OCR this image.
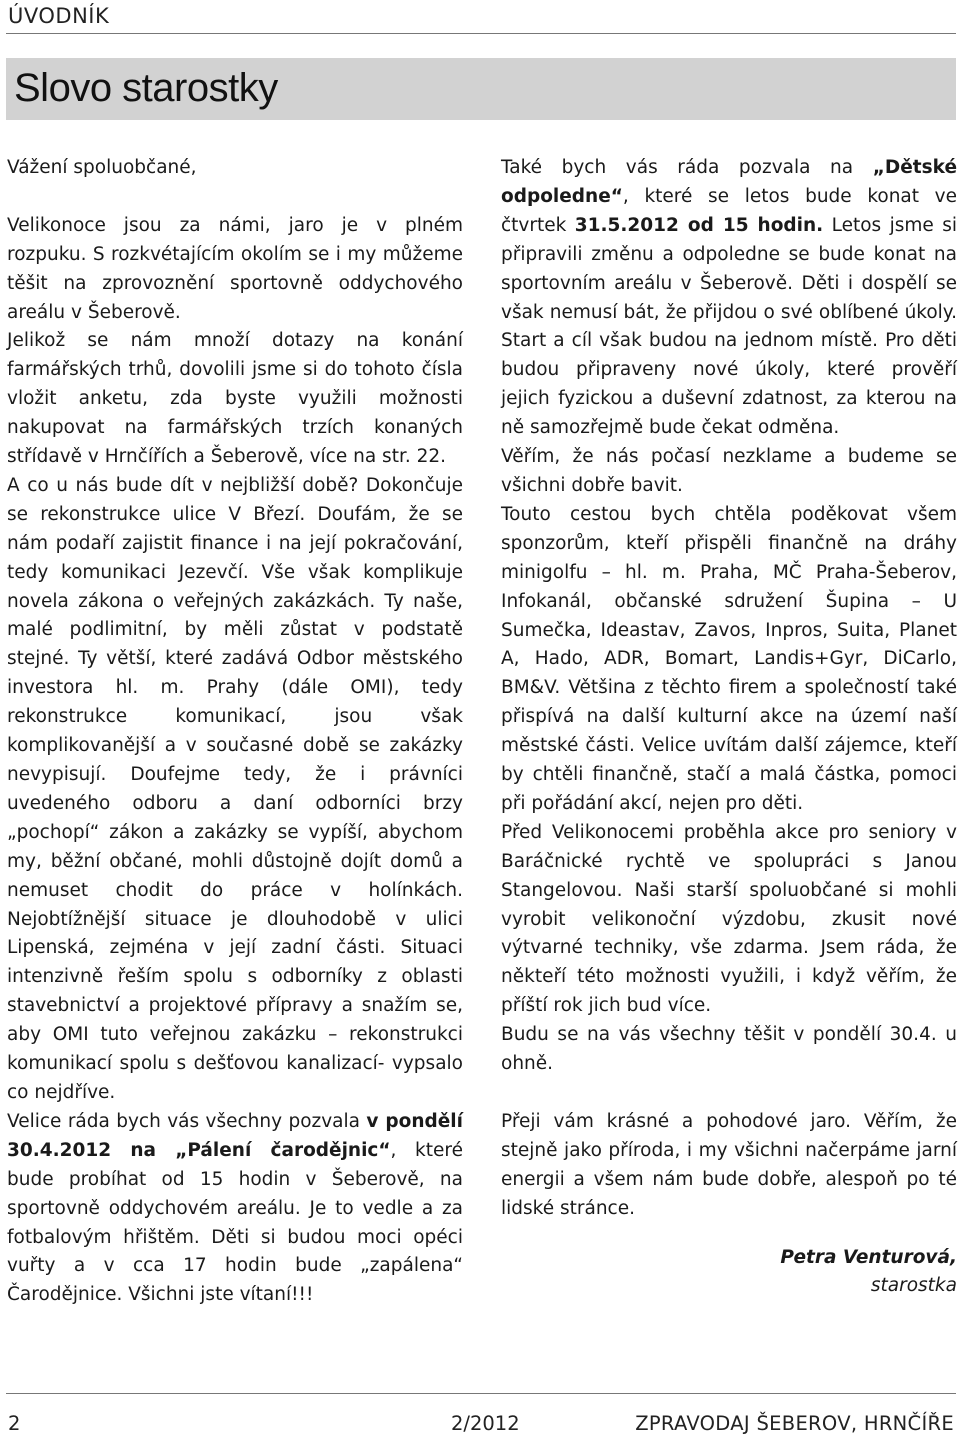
ÚVODNÍK
Slovo starostky

Vážení spoluobčané,

Velikonoce jsou za námi, jaro je v plném rozpuku. S rozkvétajícím okolím se i my můžeme těšit na zprovoznění sportovně oddychového areálu v Šeberově.

Jelikož se nám množí dotazy na konání farmářských trhů, dovolili jsme si do tohoto čísla vložit anketu, zda byste využili možnosti nakupovat na farmářských trzích konaných střídavě v Hrnčířích a Šeberově, více na str. 22.

A co u nás bude dít v nejbližší době? Dokončuje se rekonstrukce ulice V Březí. Doufám, že se nám podaří zajistit finance i na její pokračování, tedy komunikaci Jezevčí. Vše však komplikuje novela zákona o veřejných zakázkách. Ty naše, malé podlimitní, by měli zůstat v podstatě stejné. Ty větší, které zadává Odbor městského investora hl. m. Prahy (dále OMI), tedy rekonstrukce komunikací, jsou však komplikovanější a v současné době se zakázky nevypisují. Doufejme tedy, že i právníci uvedeného odboru a daní odborníci brzy „pochopí“ zákon a zakázky se vypíší, abychom my, běžní občané, mohli důstojně dojít domů a nemuset chodit do práce v holínkách. Nejobtížnější situace je dlouhodobě v ulici Lipenská, zejména v její zadní části. Situaci intenzivně řeším spolu s odborníky z oblasti stavebnictví a projektové přípravy a snažím se, aby OMI tuto veřejnou zakázku – rekonstrukci komunikací spolu s dešťovou kanalizací- vypsalo co nejdříve.

Velice ráda bych vás všechny pozvala v pondělí 30.4.2012 na „Pálení čarodějnic“, které bude probíhat od 15 hodin v Šeberově, na sportovně oddychovém areálu. Je to vedle a za fotbalovým hřištěm. Děti si budou moci opéci vuřty a v cca 17 hodin bude „zapálena“ Čarodějnice. Všichni jste vítaní!!!

Také bych vás ráda pozvala na „Dětské odpoledne“, které se letos bude konat ve čtvrtek 31.5.2012 od 15 hodin. Letos jsme si připravili změnu a odpoledne se bude konat na sportovním areálu v Šeberově. Děti i dospělí se však nemusí bát, že přijdou o své oblíbené úkoly. Start a cíl však budou na jednom místě. Pro děti budou připraveny nové úkoly, které prověří jejich fyzickou a duševní zdatnost, za kterou na ně samozřejmě bude čekat odměna.

Věřím, že nás počasí nezklame a budeme se všichni dobře bavit.

Touto cestou bych chtěla poděkovat všem sponzorům, kteří přispěli finančně na dráhy minigolfu – hl. m. Praha, MČ Praha-Šeberov, Infokanál, občanské sdružení Šupina – U Sumečka, Ideastav, Zavos, Inpros, Suita, Planet A, Hado, ADR, Bomart, Landis+Gyr, DiCarlo, BM&V. Většina z těchto firem a společností také přispívá na další kulturní akce na území naší městské části. Velice uvítám další zájemce, kteří by chtěli finančně, stačí a malá částka, pomoci při pořádání akcí, nejen pro děti.

Před Velikonocemi proběhla akce pro seniory v Baráčnické rychtě ve spolupráci s Janou Stangelovou. Naši starší spoluobčané si mohli vyrobit velikonoční výzdobu, zkusit nové výtvarné techniky, vše zdarma. Jsem ráda, že někteří této možnosti využili, i když věřím, že příští rok jich bud více.

Budu se na vás všechny těšit v pondělí 30.4. u ohně.

Přeji vám krásné a pohodové jaro. Věřím, že stejně jako příroda, i my všichni načerpáme jarní energii a všem nám bude dobře, alespoň po té lidské stránce.

Petra Venturová,
starostka
2	2/2012	ZPRAVODAJ ŠEBEROV, HRNČÍŘE
